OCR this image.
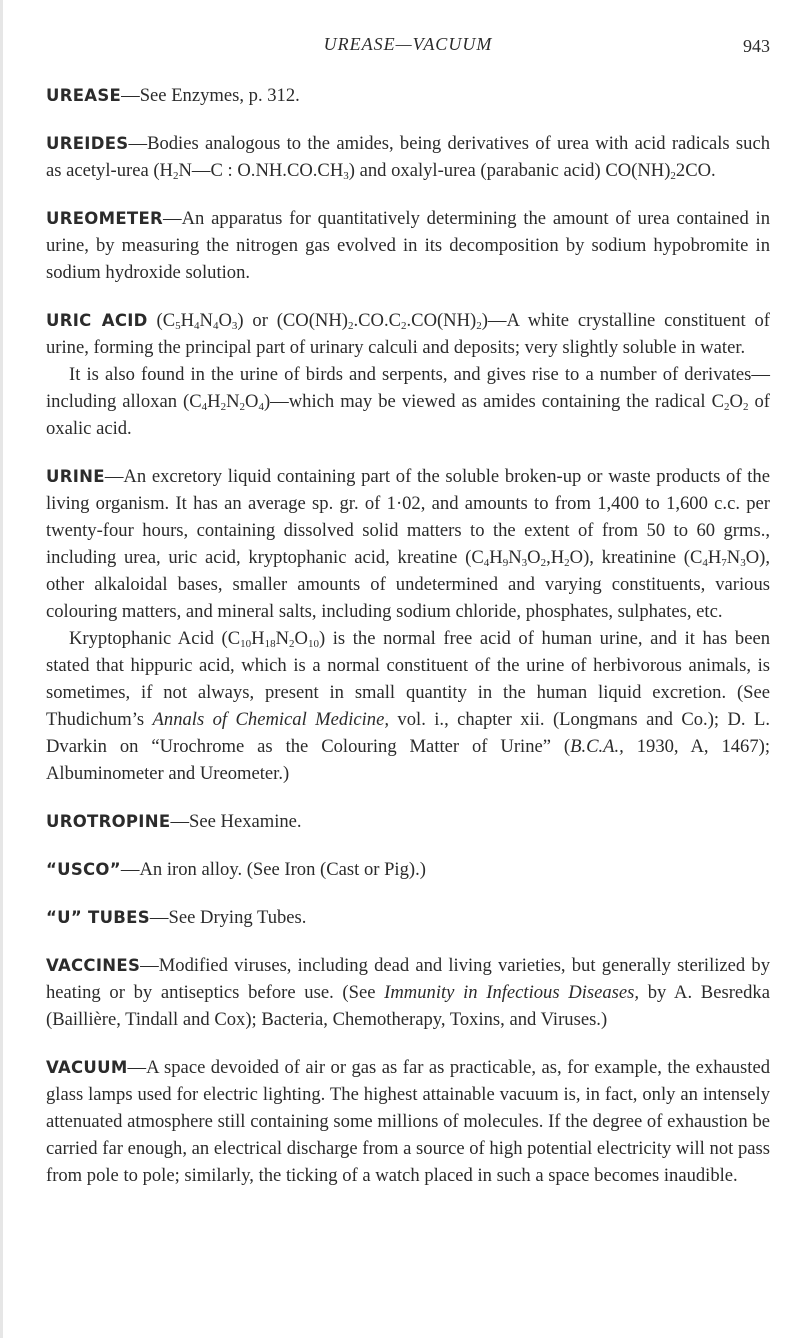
UREASE—VACUUM	943

UREASE—See Enzymes, p. 312.

UREIDES—Bodies analogous to the amides, being derivatives of urea with acid radicals such as acetyl-urea ($H_2N—C$ : $O.NH.CO.CH_3$) and oxalyl-urea (parabanic acid) $CO(NH)_22CO$.

UREOMETER—An apparatus for quantitatively determining the amount of urea contained in urine, by measuring the nitrogen gas evolved in its decomposition by sodium hypobromite in sodium hydroxide solution.

URIC ACID $(C_5H_4N_4O_3)$ or $(CO(NH)_2.CO.C_2.CO(NH)_2)—A$ white crystalline constituent of urine, forming the principal part of urinary calculi and deposits; very slightly soluble in water.

It is also found in the urine of birds and serpents, and gives rise to a number of derivates—including alloxan $(C_4H_2N_2O_4)—which$ may be viewed as amides containing the radical $C_2O_2$ of oxalic acid.

URINE—An excretory liquid containing part of the soluble broken-up or waste products of the living organism. It has an average sp. gr. of 1·02, and amounts to from 1,400 to 1,600 c.c. per twenty-four hours, containing dissolved solid matters to the extent of from 50 to 60 grms., including urea, uric acid, kryptophanic acid, kreatine $(C_4H_9N_3O_2,H_2O)$, kreatinine $(C_4H_7N_3O)$, other alkaloidal bases, smaller amounts of undetermined and varying constituents, various colouring matters, and mineral salts, including sodium chloride, phosphates, sulphates, etc.

Kryptophanic Acid $(C_{10}H_{18}N_2O_{10})$ is the normal free acid of human urine, and it has been stated that hippuric acid, which is a normal constituent of the urine of herbivorous animals, is sometimes, if not always, present in small quantity in the human liquid excretion. (See Thudichum’s Annals of Chemical Medicine, vol. i., chapter xii. (Longmans and Co.); D. L. Dvarkin on “Urochrome as the Colouring Matter of Urine” (B.C.A., 1930, A, 1467); Albuminometer and Ureometer.)

UROTROPINE—See Hexamine.

“USCO”—An iron alloy. (See Iron (Cast or Pig).)

“U” TUBES—See Drying Tubes.

VACCINES—Modified viruses, including dead and living varieties, but generally sterilized by heating or by antiseptics before use. (See Immunity in Infectious Diseases, by A. Besredka (Baillière, Tindall and Cox); Bacteria, Chemotherapy, Toxins, and Viruses.)

VACUUM—A space devoided of air or gas as far as practicable, as, for example, the exhausted glass lamps used for electric lighting. The highest attainable vacuum is, in fact, only an intensely attenuated atmosphere still containing some millions of molecules. If the degree of exhaustion be carried far enough, an electrical discharge from a source of high potential electricity will not pass from pole to pole; similarly, the ticking of a watch placed in such a space becomes inaudible.
